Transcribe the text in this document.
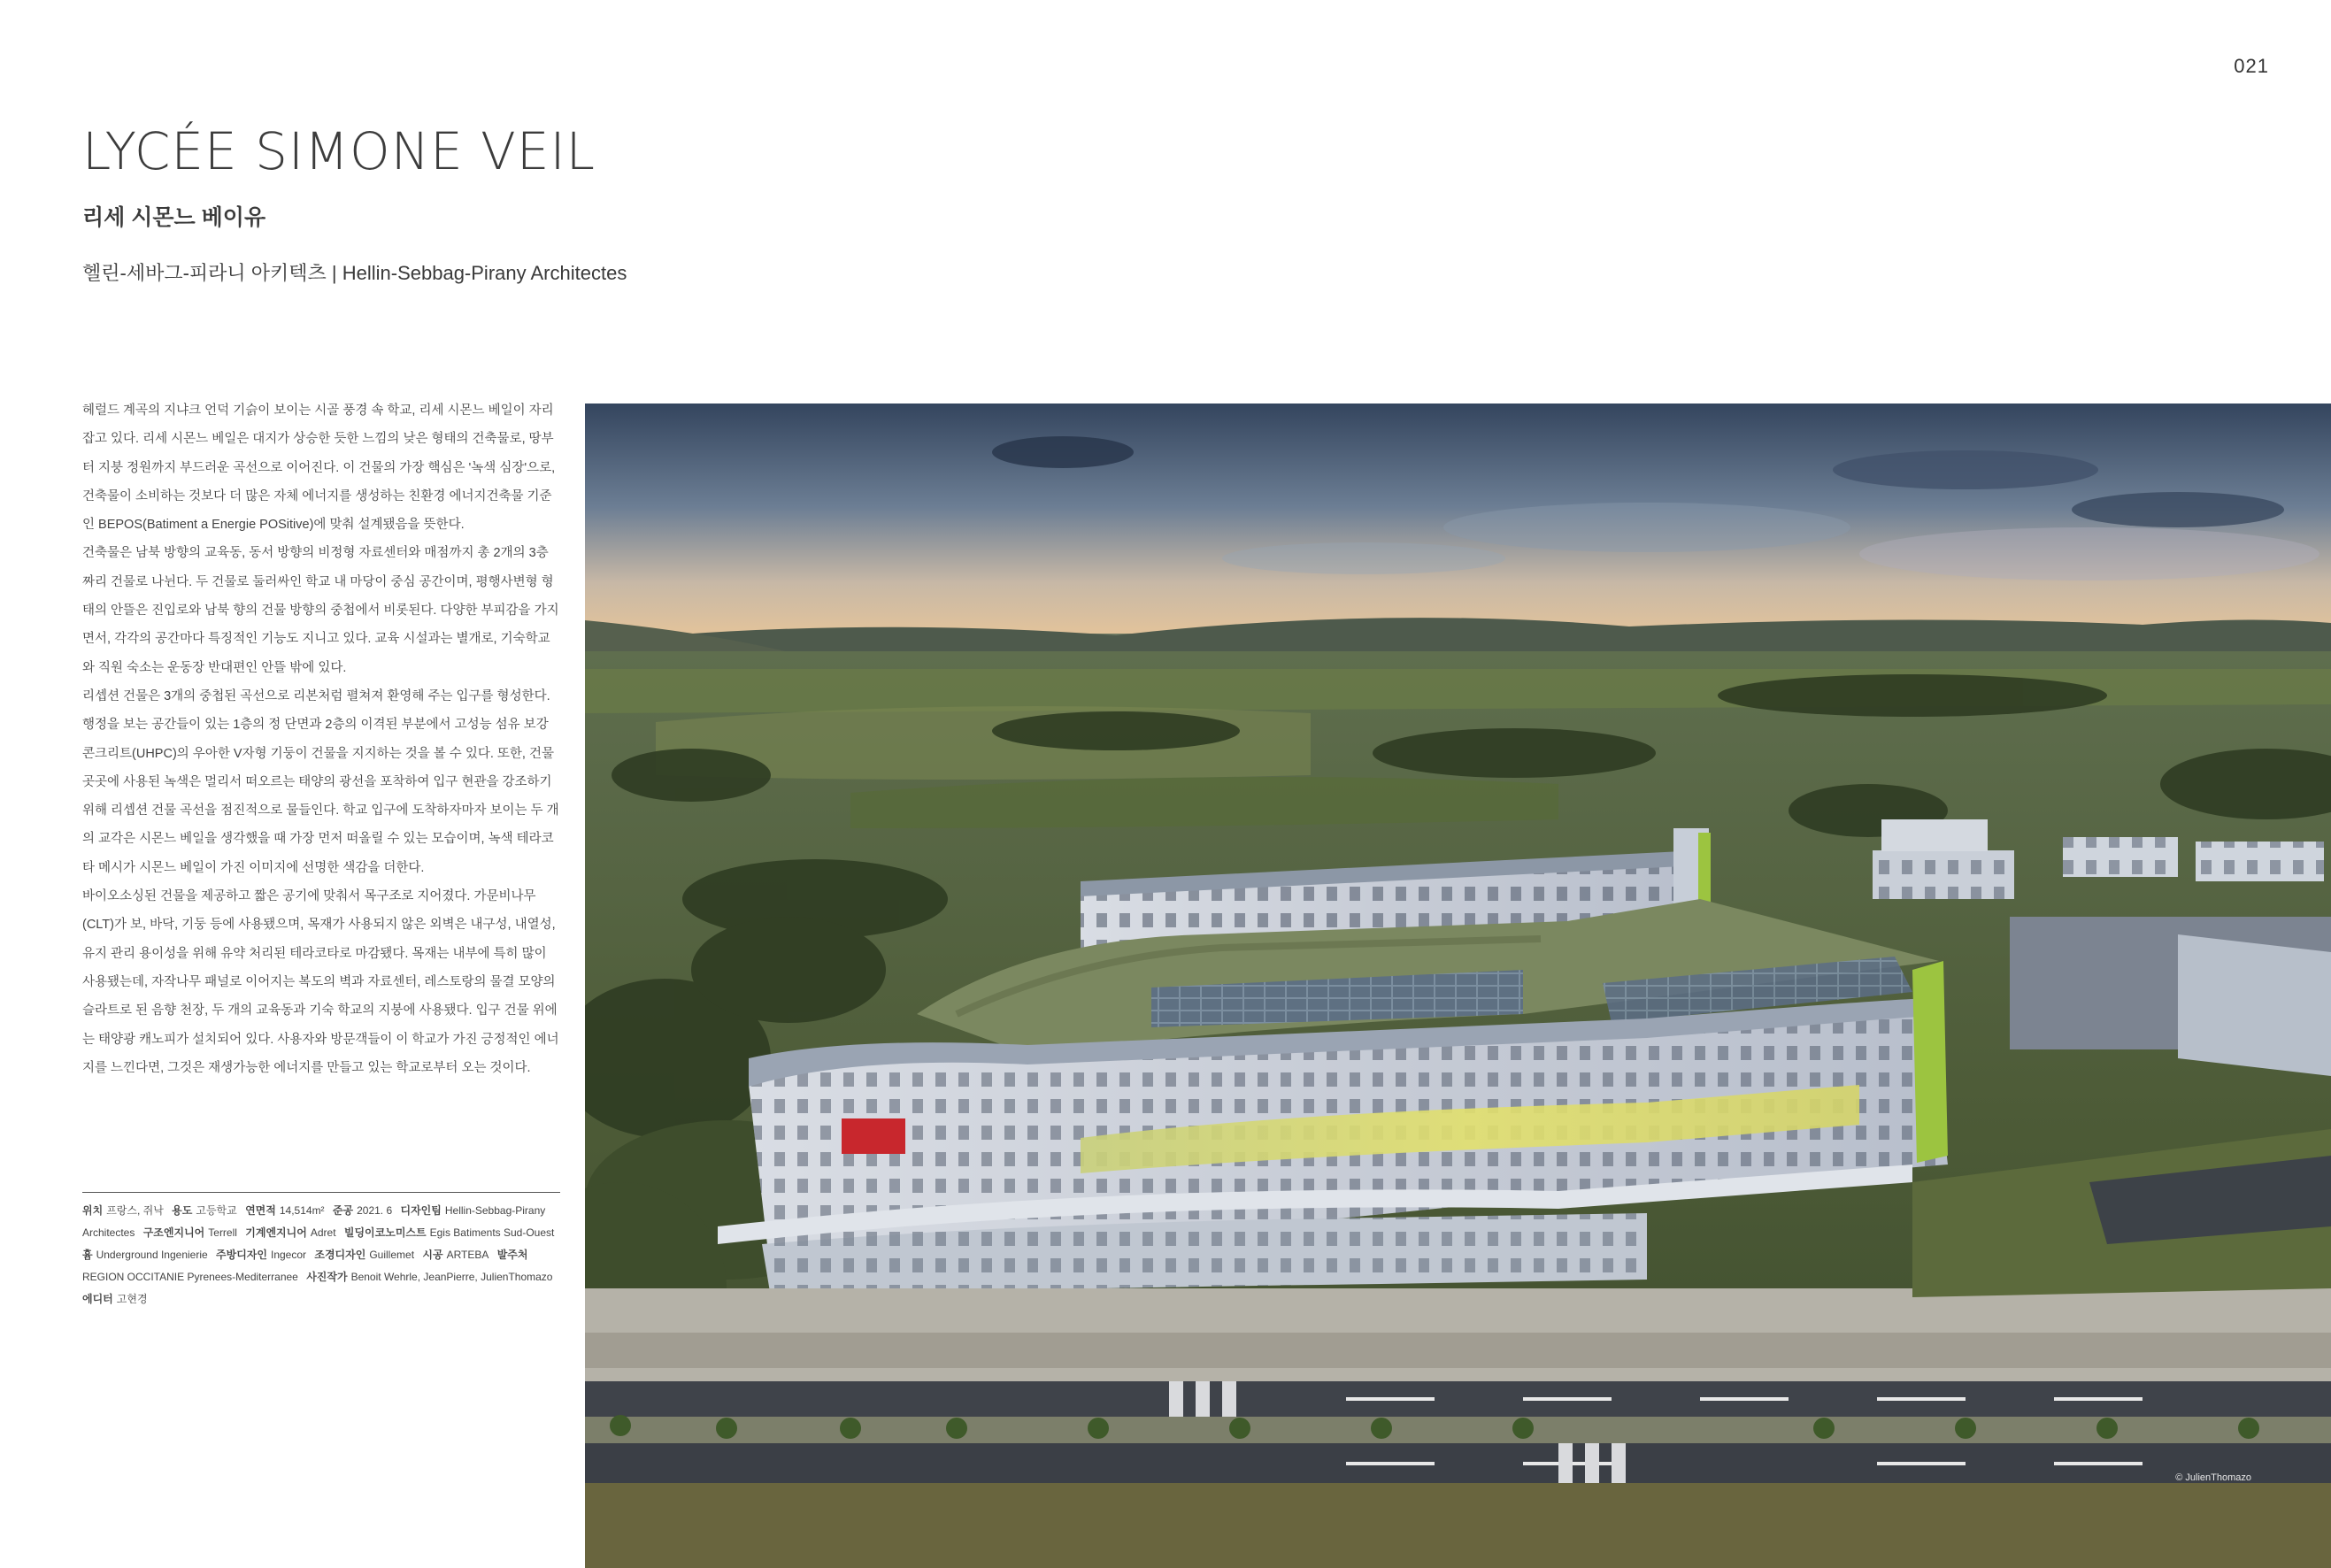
021
LYCÉE SIMONE VEIL
리세 시몬느 베이유

헬린-세바그-피라니 아키텍츠 | Hellin-Sebbag-Pirany Architectes

헤럴드 계곡의 지냐크 언덕 기슭이 보이는 시골 풍경 속 학교, 리세 시몬느 베일이 자리 잡고 있다. 리세 시몬느 베일은 대지가 상승한 듯한 느낌의 낮은 형태의 건축물로, 땅부터 지붕 정원까지 부드러운 곡선으로 이어진다. 이 건물의 가장 핵심은 '녹색 심장'으로, 건축물이 소비하는 것보다 더 많은 자체 에너지를 생성하는 친환경 에너지건축물 기준인 BEPOS(Batiment a Energie POSitive)에 맞춰 설계됐음을 뜻한다.

건축물은 남북 방향의 교육동, 동서 방향의 비정형 자료센터와 매점까지 총 2개의 3층짜리 건물로 나뉜다. 두 건물로 둘러싸인 학교 내 마당이 중심 공간이며, 평행사변형 형태의 안뜰은 진입로와 남북 향의 건물 방향의 중첩에서 비롯된다. 다양한 부피감을 가지면서, 각각의 공간마다 특징적인 기능도 지니고 있다. 교육 시설과는 별개로, 기숙학교와 직원 숙소는 운동장 반대편인 안뜰 밖에 있다.

리셉션 건물은 3개의 중첩된 곡선으로 리본처럼 펼쳐져 환영해 주는 입구를 형성한다. 행정을 보는 공간들이 있는 1층의 정 단면과 2층의 이격된 부분에서 고성능 섬유 보강 콘크리트(UHPC)의 우아한 V자형 기둥이 건물을 지지하는 것을 볼 수 있다. 또한, 건물 곳곳에 사용된 녹색은 멀리서 떠오르는 태양의 광선을 포착하여 입구 현관을 강조하기 위해 리셉션 건물 곡선을 점진적으로 물들인다. 학교 입구에 도착하자마자 보이는 두 개의 교각은 시몬느 베일을 생각했을 때 가장 먼저 떠올릴 수 있는 모습이며, 녹색 테라코타 메시가 시몬느 베일이 가진 이미지에 선명한 색감을 더한다.

바이오소싱된 건물을 제공하고 짧은 공기에 맞춰서 목구조로 지어졌다. 가문비나무(CLT)가 보, 바닥, 기둥 등에 사용됐으며, 목재가 사용되지 않은 외벽은 내구성, 내열성, 유지 관리 용이성을 위해 유약 처리된 테라코타로 마감됐다. 목재는 내부에 특히 많이 사용됐는데, 자작나무 패널로 이어지는 복도의 벽과 자료센터, 레스토랑의 물결 모양의 슬라트로 된 음향 천장, 두 개의 교육동과 기숙 학교의 지붕에 사용됐다. 입구 건물 위에는 태양광 캐노피가 설치되어 있다. 사용자와 방문객들이 이 학교가 가진 긍정적인 에너지를 느낀다면, 그것은 재생가능한 에너지를 만들고 있는 학교로부터 오는 것이다.

위치 프랑스, 쥐낙 용도 고등학교 연면적 14,514m² 준공 2021. 6 디자인팀 Hellin-Sebbag-Pirany Architectes 구조엔지니어 Terrell 기계엔지니어 Adret 빌딩이코노미스트 Egis Batiments Sud-Ouest 흄 Underground Ingenierie 주방디자인 Ingecor 조경디자인 Guillemet 시공 ARTEBA 발주처REGION OCCITANIE Pyrenees-Mediterranee 사진작가 Benoit Wehrle, JeanPierre, JulienThomazo 에디터 고현경
© JulienThomazo
